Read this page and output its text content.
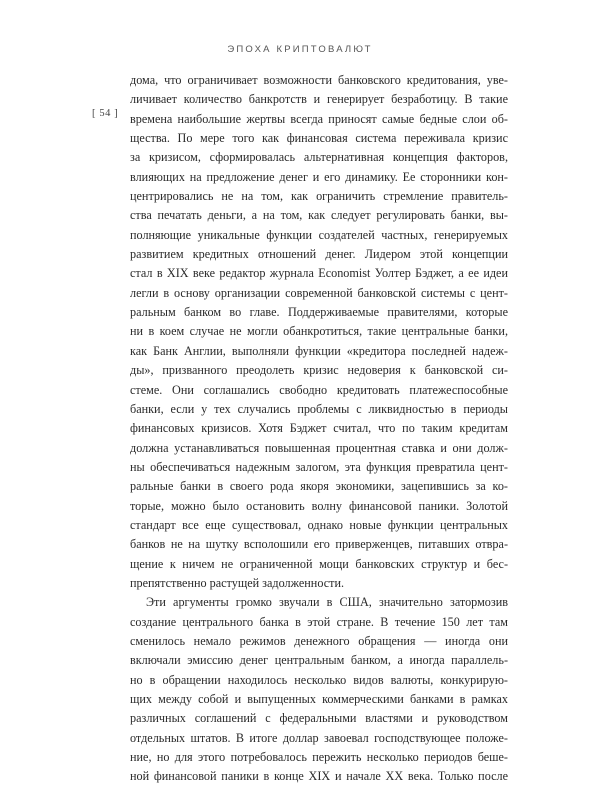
ЭПОХА КРИПТОВАЛЮТ
[ 54 ]
дома, что ограничивает возможности банковского кредитования, уве-
личивает количество банкротств и генерирует безработицу. В такие
времена наибольшие жертвы всегда приносят самые бедные слои об-
щества. По мере того как финансовая система переживала кризис
за кризисом, сформировалась альтернативная концепция факторов,
влияющих на предложение денег и его динамику. Ее сторонники кон-
центрировались не на том, как ограничить стремление правитель-
ства печатать деньги, а на том, как следует регулировать банки, вы-
полняющие уникальные функции создателей частных, генерируемых
развитием кредитных отношений денег. Лидером этой концепции
стал в XIX веке редактор журнала Economist Уолтер Бэджет, а ее идеи
легли в основу организации современной банковской системы с цент-
ральным банком во главе. Поддерживаемые правителями, которые
ни в коем случае не могли обанкротиться, такие центральные банки,
как Банк Англии, выполняли функции «кредитора последней надеж-
ды», призванного преодолеть кризис недоверия к банковской си-
стеме. Они соглашались свободно кредитовать платежеспособные
банки, если у тех случались проблемы с ликвидностью в периоды
финансовых кризисов. Хотя Бэджет считал, что по таким кредитам
должна устанавливаться повышенная процентная ставка и они долж-
ны обеспечиваться надежным залогом, эта функция превратила цент-
ральные банки в своего рода якоря экономики, зацепившись за ко-
торые, можно было остановить волну финансовой паники. Золотой
стандарт все еще существовал, однако новые функции центральных
банков не на шутку всполошили его приверженцев, питавших отвра-
щение к ничем не ограниченной мощи банковских структур и бес-
препятственно растущей задолженности.
Эти аргументы громко звучали в США, значительно затормозив
создание центрального банка в этой стране. В течение 150 лет там
сменилось немало режимов денежного обращения — иногда они
включали эмиссию денег центральным банком, а иногда параллель-
но в обращении находилось несколько видов валюты, конкурирую-
щих между собой и выпущенных коммерческими банками в рамках
различных соглашений с федеральными властями и руководством
отдельных штатов. В итоге доллар завоевал господствующее положе-
ние, но для этого потребовалось пережить несколько периодов беше-
ной финансовой паники в конце XIX и начале XX века. Только после
